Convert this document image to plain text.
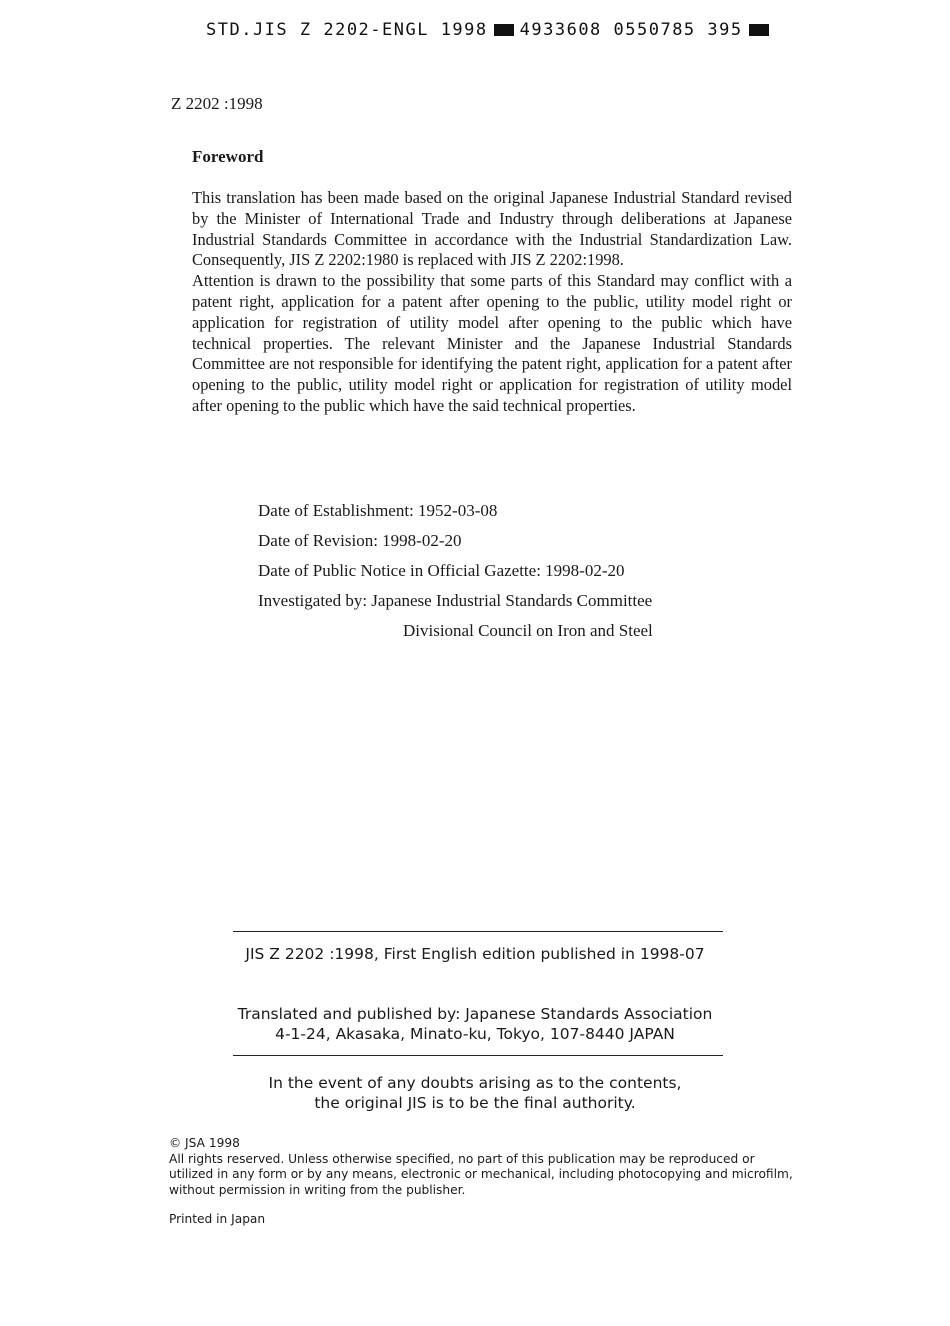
STD.JIS Z 2202-ENGL 1998 4933608 0550785 395
Z 2202 :1998
Foreword

This translation has been made based on the original Japanese Industrial Standard revised by the Minister of International Trade and Industry through deliberations at Japanese Industrial Standards Committee in accordance with the Industrial Standardization Law. Consequently, JIS Z 2202:1980 is replaced with JIS Z 2202:1998.

Attention is drawn to the possibility that some parts of this Standard may conflict with a patent right, application for a patent after opening to the public, utility model right or application for registration of utility model after opening to the public which have technical properties. The relevant Minister and the Japanese Industrial Standards Committee are not responsible for identifying the patent right, application for a patent after opening to the public, utility model right or application for registration of utility model after opening to the public which have the said technical properties.

Date of Establishment: 1952-03-08
Date of Revision: 1998-02-20
Date of Public Notice in Official Gazette: 1998-02-20
Investigated by: Japanese Industrial Standards Committee
Divisional Council on Iron and Steel
JIS Z 2202 :1998, First English edition published in 1998-07
Translated and published by: Japanese Standards Association
4-1-24, Akasaka, Minato-ku, Tokyo, 107-8440 JAPAN
In the event of any doubts arising as to the contents,
the original JIS is to be the final authority.
© JSA 1998
All rights reserved. Unless otherwise specified, no part of this publication may be reproduced or utilized in any form or by any means, electronic or mechanical, including photocopying and microfilm, without permission in writing from the publisher.
Printed in Japan
